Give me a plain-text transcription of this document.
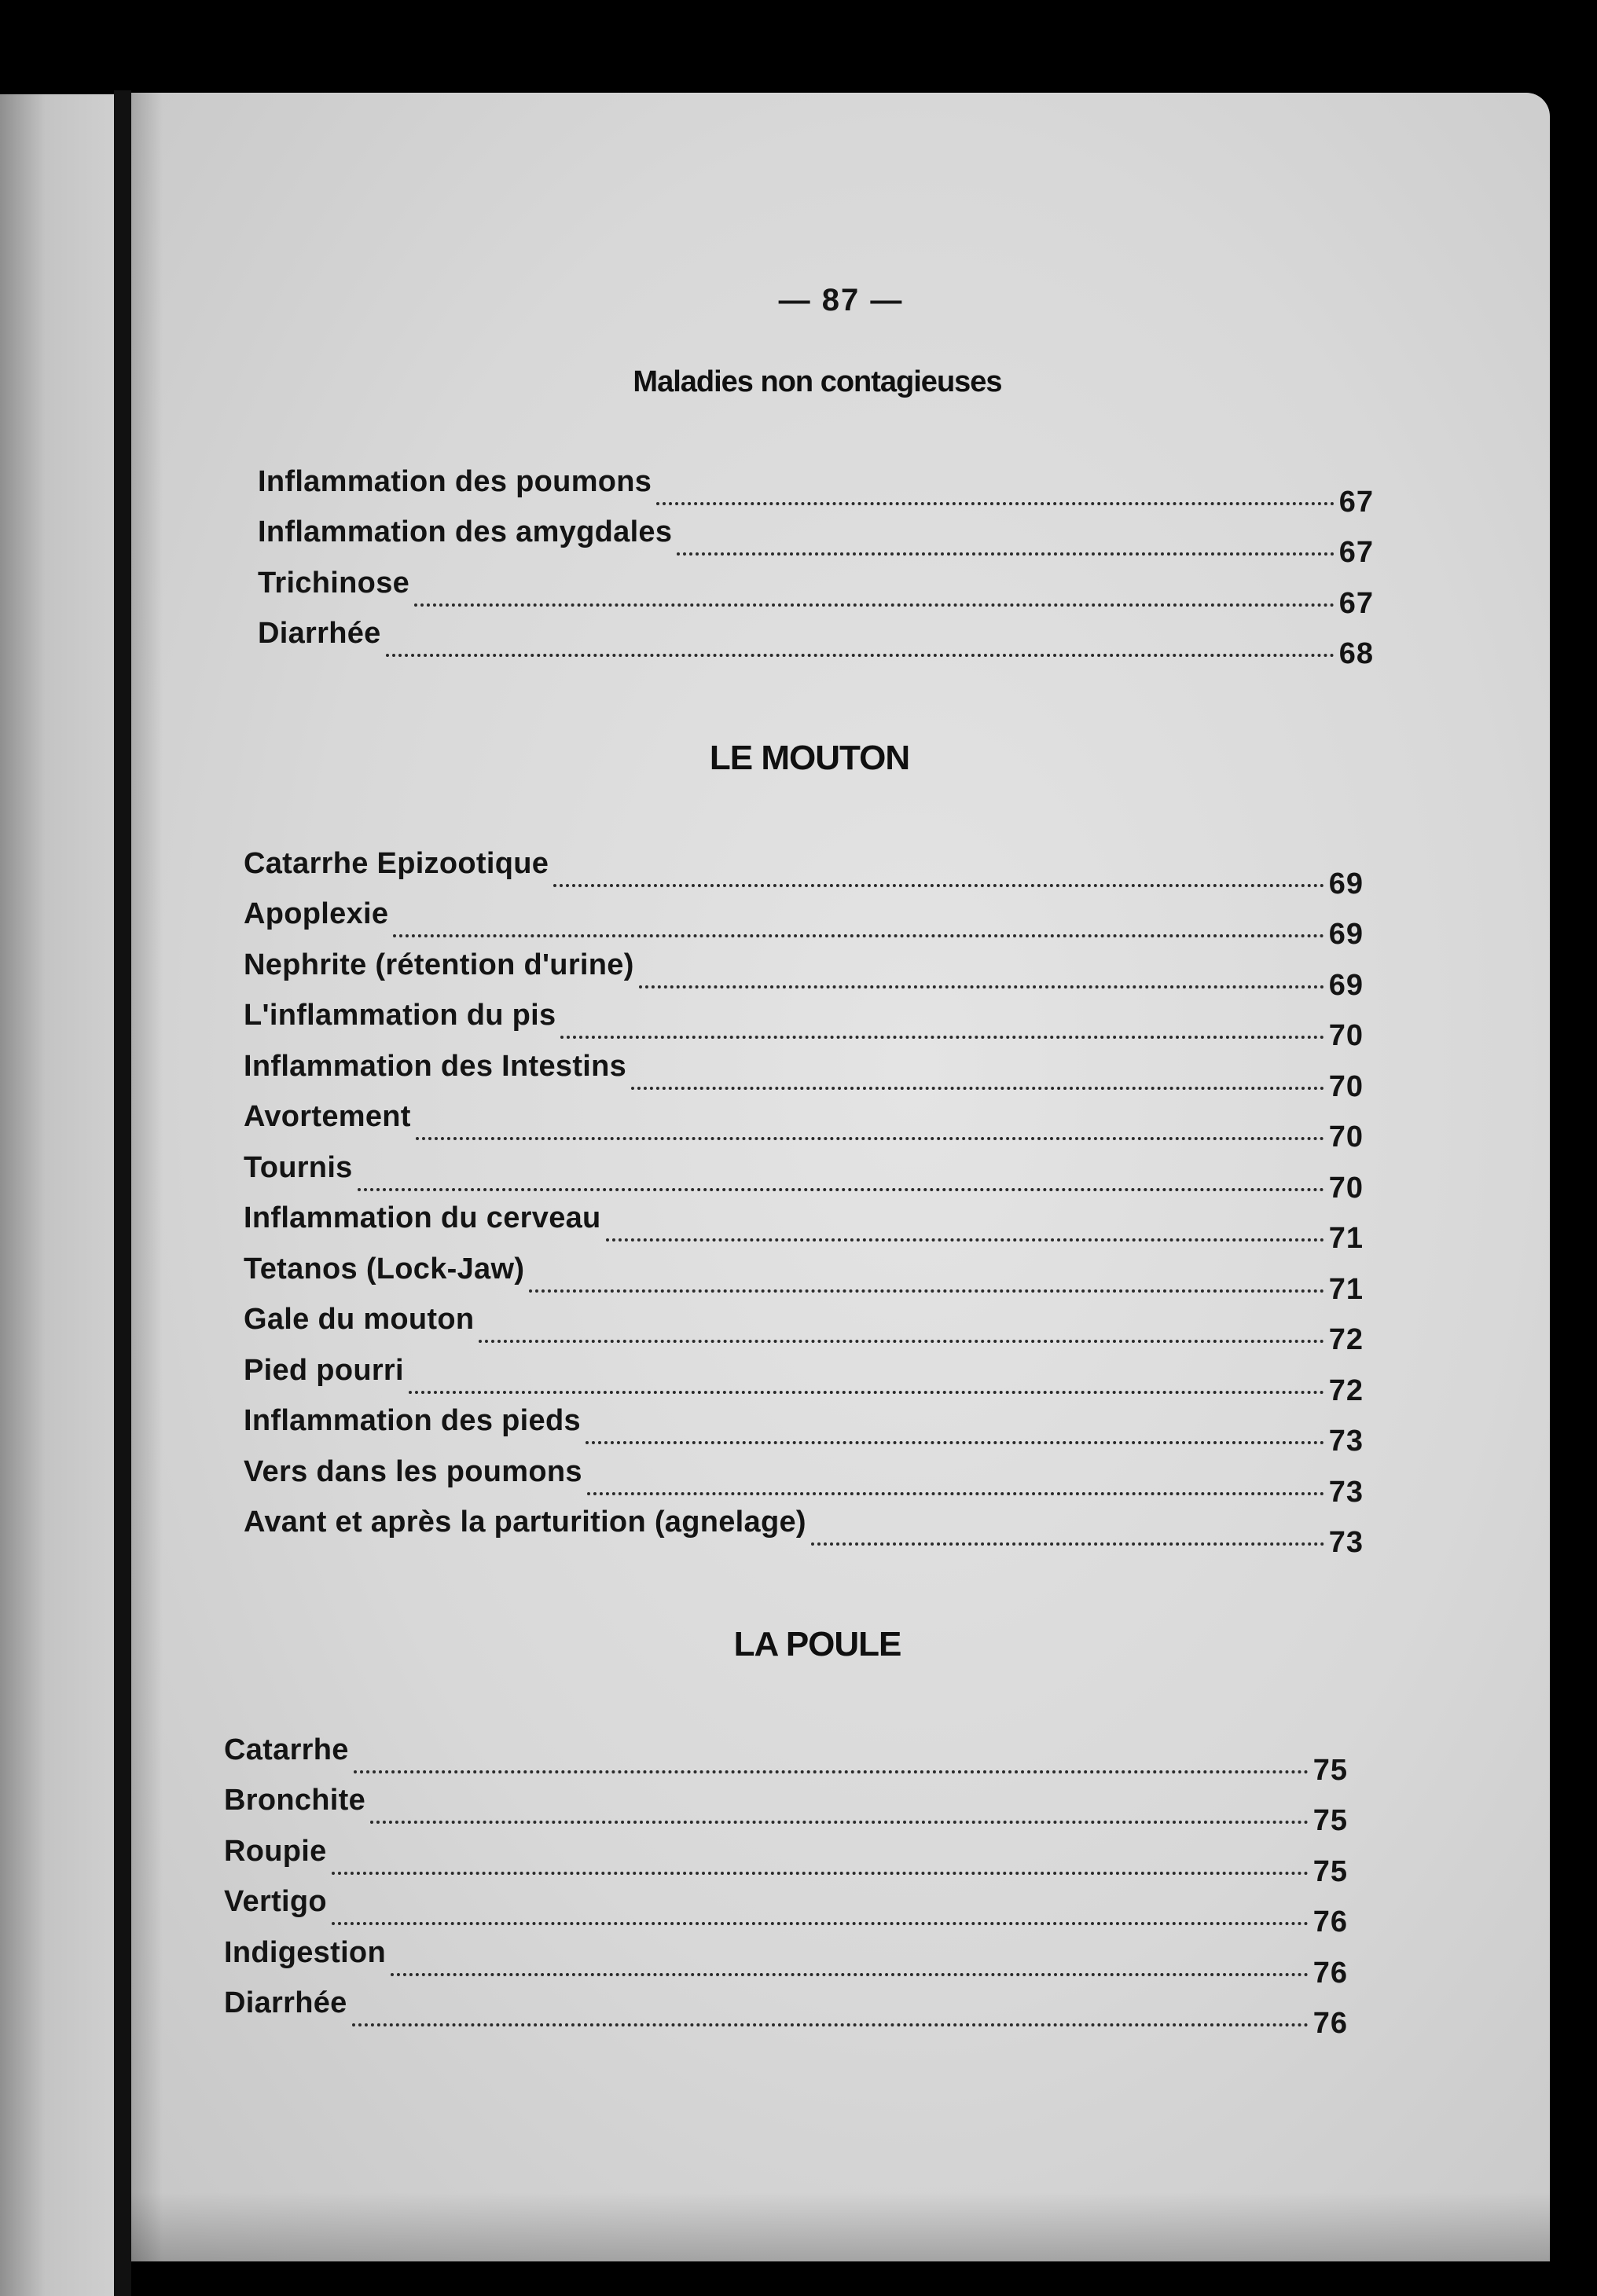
— 87 —
Maladies non contagieuses
Inflammation des poumons
67
Inflammation des amygdales
67
Trichinose
67
Diarrhée
68
LE MOUTON
Catarrhe Epizootique
69
Apoplexie
69
Nephrite (rétention d'urine)
69
L'inflammation du pis
70
Inflammation des Intestins
70
Avortement
70
Tournis
70
Inflammation du cerveau
71
Tetanos (Lock-Jaw)
71
Gale du mouton
72
Pied pourri
72
Inflammation des pieds
73
Vers dans les poumons
73
Avant et après la parturition (agnelage)
73
LA POULE
Catarrhe
75
Bronchite
75
Roupie
75
Vertigo
76
Indigestion
76
Diarrhée
76
